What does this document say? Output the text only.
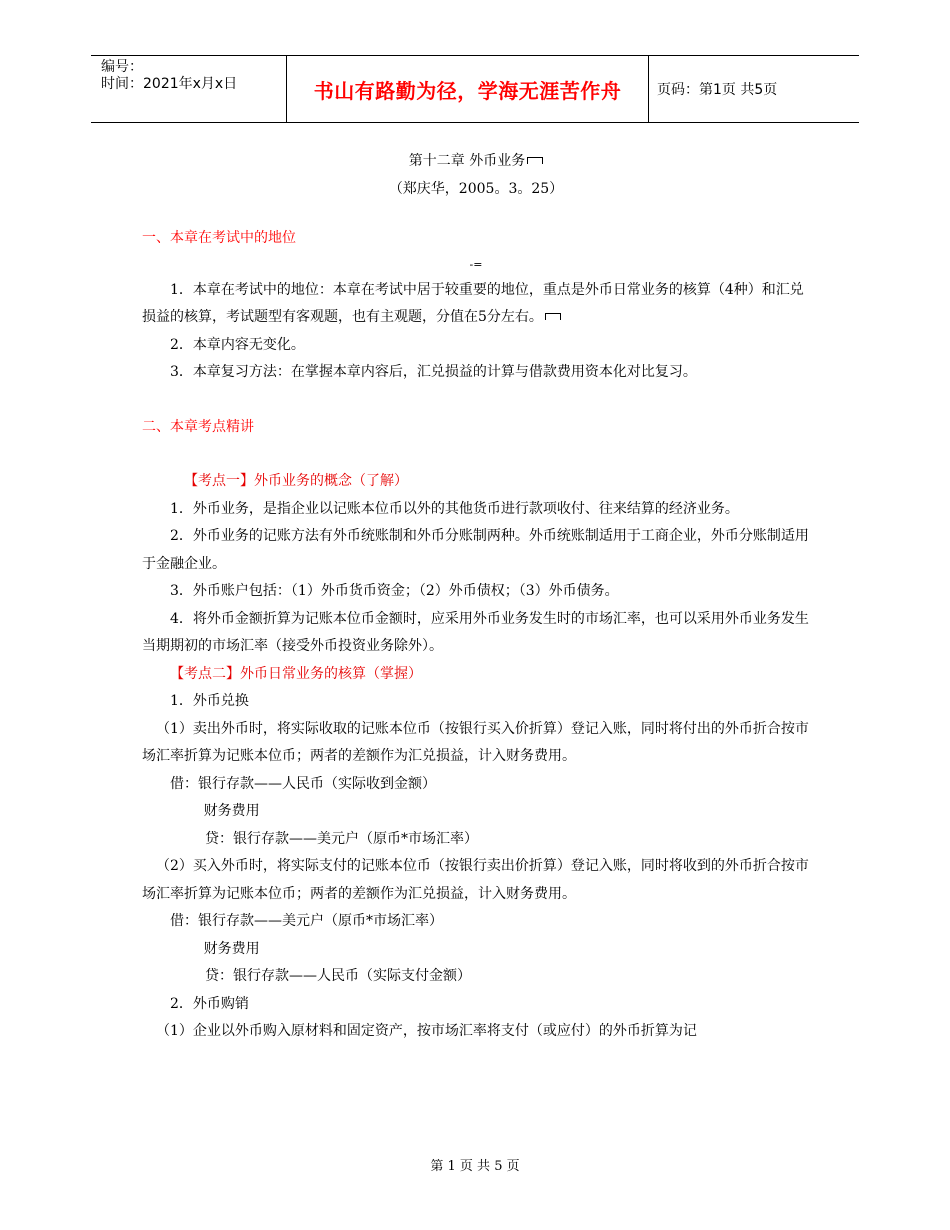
编号：
时间：2021年x月x日	书山有路勤为径，学海无涯苦作舟	页码：第1页 共5页

第十二章 外币业务

（郑庆华，2005。3。25）

一、本章在考试中的地位

-=

1．本章在考试中的地位：本章在考试中居于较重要的地位，重点是外币日常业务的核算（4种）和汇兑损益的核算，考试题型有客观题，也有主观题，分值在5分左右。

2．本章内容无变化。

3．本章复习方法：在掌握本章内容后，汇兑损益的计算与借款费用资本化对比复习。

二、本章考点精讲

【考点一】外币业务的概念（了解）

1．外币业务，是指企业以记账本位币以外的其他货币进行款项收付、往来结算的经济业务。

2．外币业务的记账方法有外币统账制和外币分账制两种。外币统账制适用于工商企业，外币分账制适用于金融企业。

3．外币账户包括：（1）外币货币资金；（2）外币债权；（3）外币债务。

4．将外币金额折算为记账本位币金额时，应采用外币业务发生时的市场汇率，也可以采用外币业务发生当期期初的市场汇率（接受外币投资业务除外）。

【考点二】外币日常业务的核算（掌握）

1．外币兑换

（1）卖出外币时，将实际收取的记账本位币（按银行买入价折算）登记入账，同时将付出的外币折合按市场汇率折算为记账本位币；两者的差额作为汇兑损益，计入财务费用。

借：银行存款——人民币（实际收到金额）

财务费用

贷：银行存款——美元户（原币*市场汇率）

（2）买入外币时，将实际支付的记账本位币（按银行卖出价折算）登记入账，同时将收到的外币折合按市场汇率折算为记账本位币；两者的差额作为汇兑损益，计入财务费用。

借：银行存款——美元户（原币*市场汇率）

财务费用

贷：银行存款——人民币（实际支付金额）

2．外币购销

（1）企业以外币购入原材料和固定资产，按市场汇率将支付（或应付）的外币折算为记

第 1 页 共 5 页
